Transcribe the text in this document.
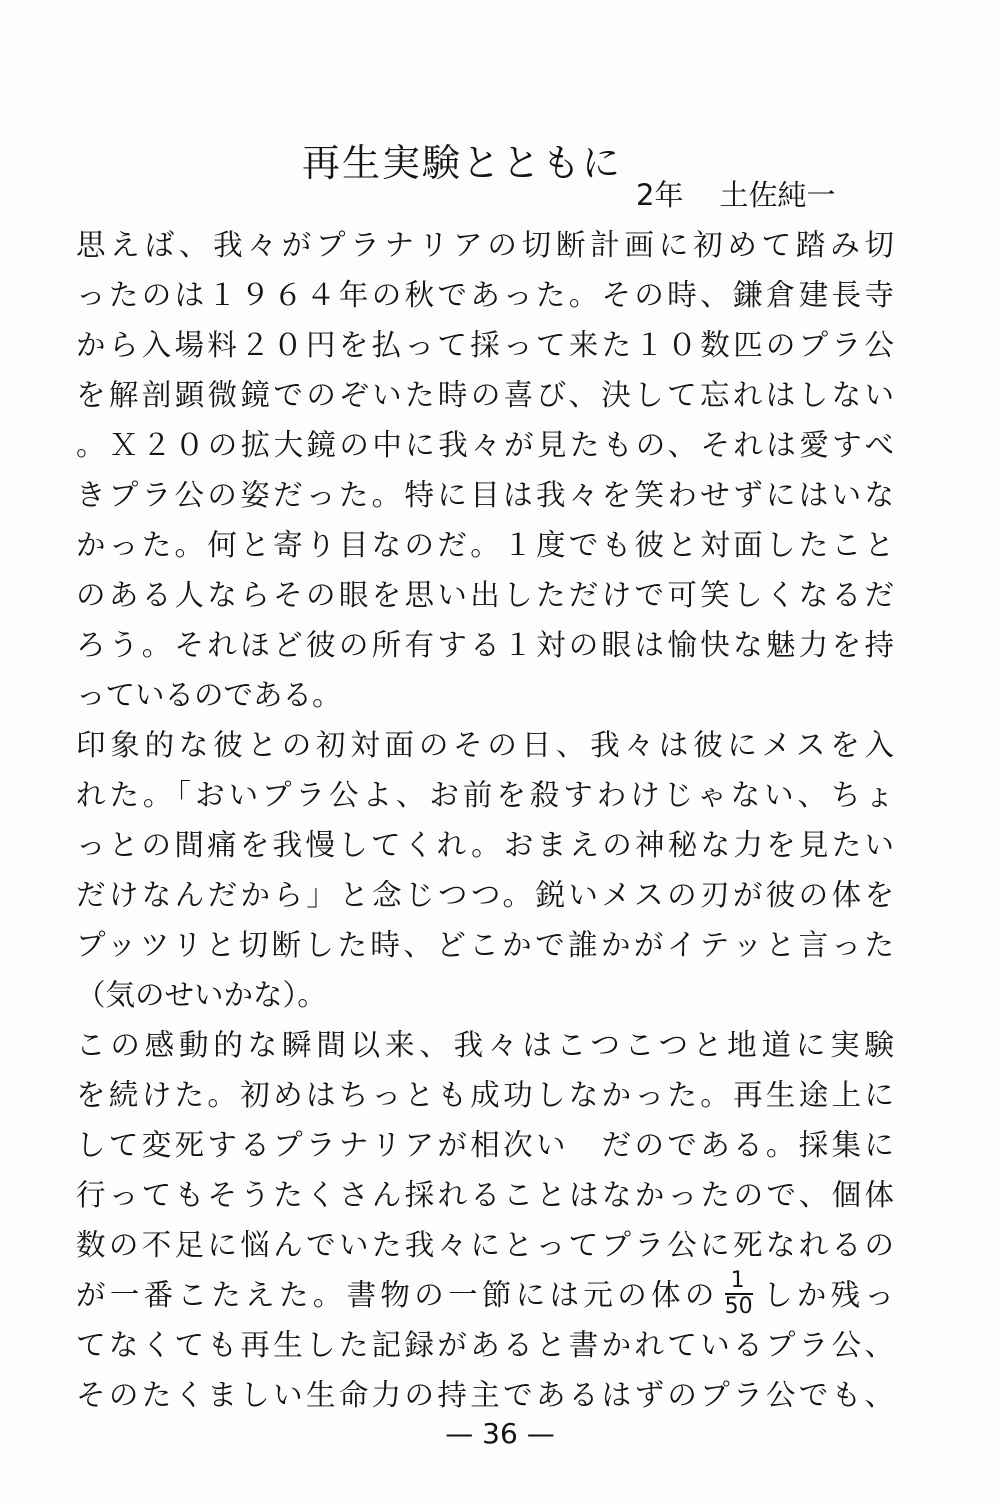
再生実験とともに
2年 土佐純一
思えば、我々がプラナリアの切断計画に初めて踏み切
ったのは１９６４年の秋であった。その時、鎌倉建長寺
から入場料２０円を払って採って来た１０数匹のプラ公
を解剖顕微鏡でのぞいた時の喜び、決して忘れはしない
。Ｘ２０の拡大鏡の中に我々が見たもの、それは愛すべ
きプラ公の姿だった。特に目は我々を笑わせずにはいな
かった。何と寄り目なのだ。１度でも彼と対面したこと
のある人ならその眼を思い出しただけで可笑しくなるだ
ろう。それほど彼の所有する１対の眼は愉快な魅力を持
っているのである。
印象的な彼との初対面のその日、我々は彼にメスを入
れた。「おいプラ公よ、お前を殺すわけじゃない、ちょ
っとの間痛を我慢してくれ。おまえの神秘な力を見たい
だけなんだから」と念じつつ。鋭いメスの刃が彼の体を
プッツリと切断した時、どこかで誰かがイテッと言った
（気のせいかな）。
この感動的な瞬間以来、我々はこつこつと地道に実験
を続けた。初めはちっとも成功しなかった。再生途上に
して変死するプラナリアが相次い　だのである。採集に
行ってもそうたくさん採れることはなかったので、個体
数の不足に悩んでいた我々にとってプラ公に死なれるの
が一番こたえた。書物の一節には元の体の $\frac{1}{50}$ しか残っ
てなくても再生した記録があると書かれているプラ公、
そのたくましい生命力の持主であるはずのプラ公でも、
— 36 —
